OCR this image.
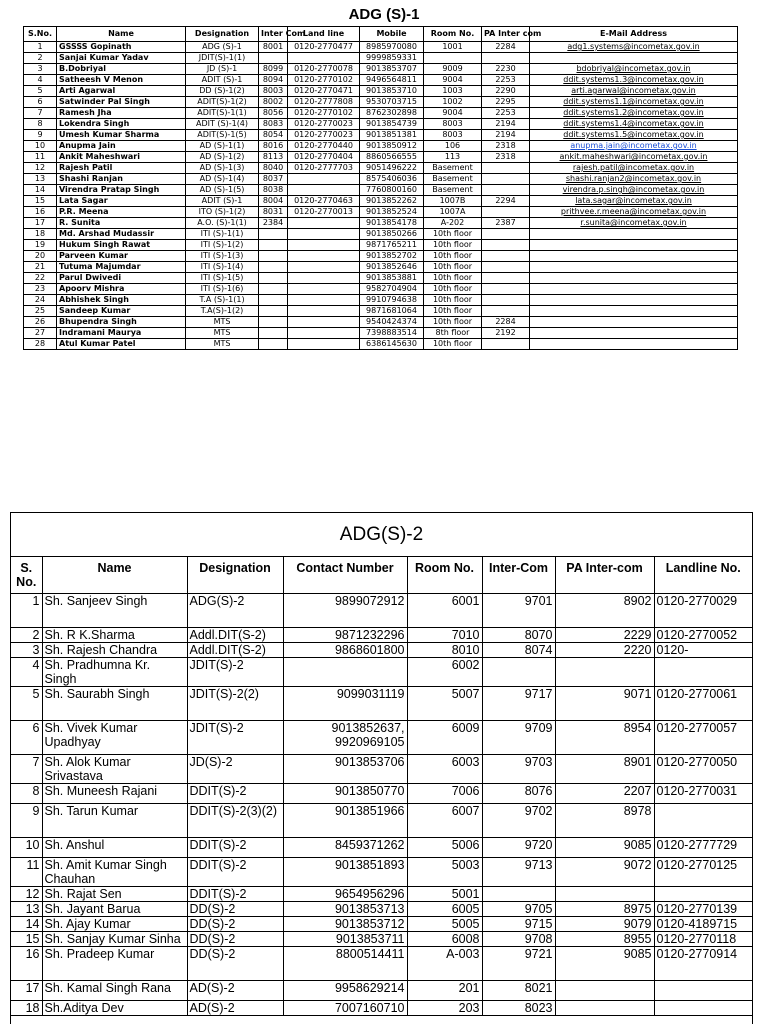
ADG (S)-1
S.No.	Name	Designation	Inter Com	Land line	Mobile	Room No.	PA Inter com	E-Mail Address
1	GSSSS Gopinath	ADG (S)-1	8001	0120-2770477	8985970080	1001	2284	adg1.systems@incometax.gov.in
2	Sanjai Kumar Yadav	JDIT(S)-1(1)			9999859331			
3	B.Dobriyal	JD (S)-1	8099	0120-2770078	9013853707	9009	2230	bdobriyal@incometax.gov.in
4	Satheesh V Menon	ADIT (S)-1	8094	0120-2770102	9496564811	9004	2253	ddit.systems1.3@incometax.gov.in
5	Arti Agarwal	DD (S)-1(2)	8003	0120-2770471	9013853710	1003	2290	arti.agarwal@incometax.gov.in
6	Satwinder Pal Singh	ADIT(S)-1(2)	8002	0120-2777808	9530703715	1002	2295	ddit.systems1.1@incometax.gov.in
7	Ramesh Jha	ADIT(S)-1(1)	8056	0120-2770102	8762302898	9004	2253	ddit.systems1.2@incometax.gov.in
8	Lokendra Singh	ADIT (S)-1(4)	8083	0120-2770023	9013854739	8003	2194	ddit.systems1.4@incometax.gov.in
9	Umesh Kumar Sharma	ADIT(S)-1(5)	8054	0120-2770023	9013851381	8003	2194	ddit.systems1.5@incometax.gov.in
10	Anupma Jain	AD (S)-1(1)	8016	0120-2770440	9013850912	106	2318	anupma.jain@incometax.gov.in
11	Ankit Maheshwari	AD (S)-1(2)	8113	0120-2770404	8860566555	113	2318	ankit.maheshwari@incometax.gov.in
12	Rajesh Patil	AD (S)-1(3)	8040	0120-2777703	9051496222	Basement		rajesh.patil@incometax.gov.in
13	Shashi Ranjan	AD (S)-1(4)	8037		8575406036	Basement		shashi.ranjan2@incometax.gov.in
14	Virendra Pratap Singh	AD (S)-1(5)	8038		7760800160	Basement		virendra.p.singh@incometax.gov.in
15	Lata Sagar	ADIT (S)-1	8004	0120-2770463	9013852262	1007B	2294	lata.sagar@incometax.gov.in
16	P.R. Meena	ITO (S)-1(2)	8031	0120-2770013	9013852524	1007A		prithvee.r.meena@incometax.gov.in
17	R. Sunita	A.O. (S)-1(1)	2384		9013854178	A-202	2387	r.sunita@incometax.gov.in
18	Md. Arshad Mudassir	ITI (S)-1(1)			9013850266	10th floor		
19	Hukum Singh Rawat	ITI (S)-1(2)			9871765211	10th floor		
20	Parveen Kumar	ITI (S)-1(3)			9013852702	10th floor		
21	Tutuma Majumdar	ITI (S)-1(4)			9013852646	10th floor		
22	Parul Dwivedi	ITI (S)-1(5)			9013853881	10th floor		
23	Apoorv Mishra	ITI (S)-1(6)			9582704904	10th floor		
24	Abhishek Singh	T.A (S)-1(1)			9910794638	10th floor		
25	Sandeep Kumar	T.A(S)-1(2)			9871681064	10th floor		
26	Bhupendra Singh	MTS			9540424374	10th floor	2284	
27	Indramani Maurya	MTS			7398883514	8th floor	2192	
28	Atul Kumar Patel	MTS			6386145630	10th floor		
ADG(S)-2
S. No.	Name	Designation	Contact Number	Room No.	Inter-Com	PA Inter-com	Landline No.
1	Sh. Sanjeev Singh	ADG(S)-2	9899072912	6001	9701	8902	0120-2770029
2	Sh. R K.Sharma	Addl.DIT(S-2)	9871232296	7010	8070	2229	0120-2770052
3	Sh. Rajesh Chandra	Addl.DIT(S-2)	9868601800	8010	8074	2220	0120-
4	Sh. Pradhumna Kr. Singh	JDIT(S)-2		6002			
5	Sh. Saurabh Singh	JDIT(S)-2(2)	9099031119	5007	9717	9071	0120-2770061
6	Sh. Vivek Kumar Upadhyay	JDIT(S)-2	9013852637, 9920969105	6009	9709	8954	0120-2770057
7	Sh. Alok Kumar Srivastava	JD(S)-2	9013853706	6003	9703	8901	0120-2770050
8	Sh. Muneesh Rajani	DDIT(S)-2	9013850770	7006	8076	2207	0120-2770031
9	Sh. Tarun Kumar	DDIT(S)-2(3)(2)	9013851966	6007	9702	8978	
10	Sh. Anshul	DDIT(S)-2	8459371262	5006	9720	9085	0120-2777729
11	Sh. Amit Kumar Singh Chauhan	DDIT(S)-2	9013851893	5003	9713	9072	0120-2770125
12	Sh. Rajat Sen	DDIT(S)-2	9654956296	5001			
13	Sh. Jayant Barua	DD(S)-2	9013853713	6005	9705	8975	0120-2770139
14	Sh. Ajay Kumar	DD(S)-2	9013853712	5005	9715	9079	0120-4189715
15	Sh. Sanjay Kumar Sinha	DD(S)-2	9013853711	6008	9708	8955	0120-2770118
16	Sh. Pradeep Kumar	DD(S)-2	8800514411	A-003	9721	9085	0120-2770914
17	Sh. Kamal Singh Rana	AD(S)-2	9958629214	201	8021		
18	Sh.Aditya Dev	AD(S)-2	7007160710	203	8023		
